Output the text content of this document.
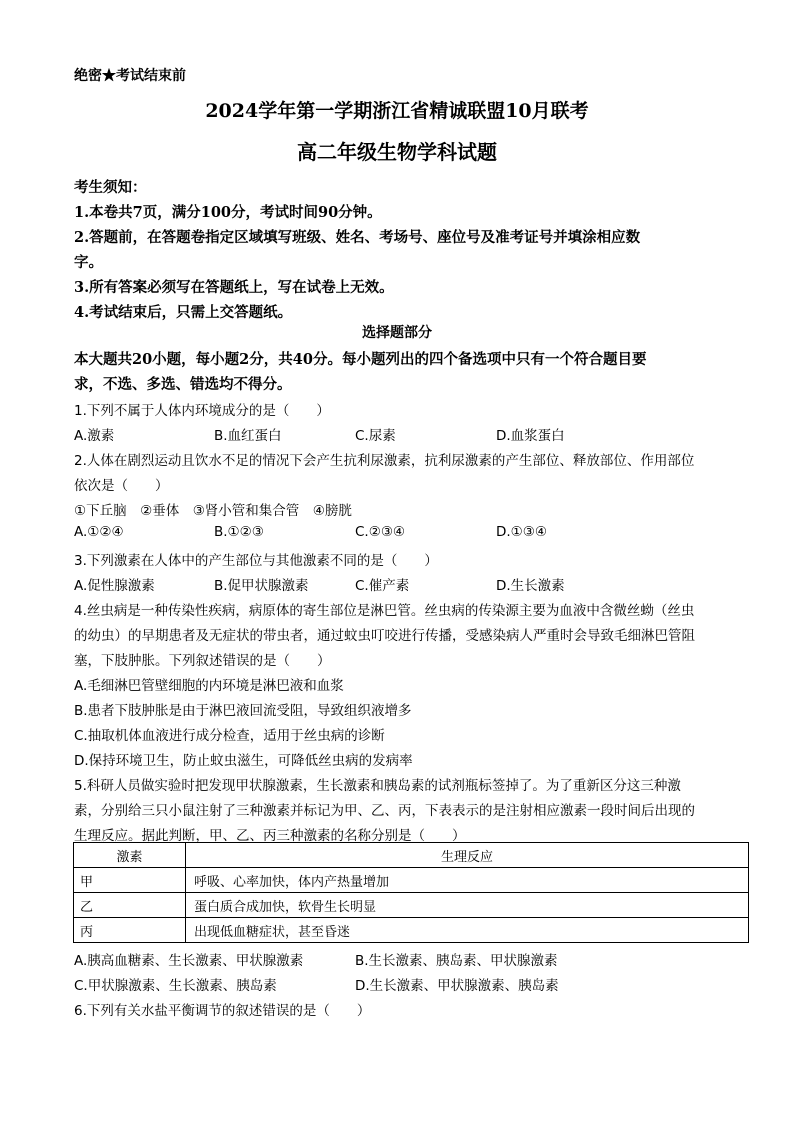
绝密★考试结束前
2024学年第一学期浙江省精诚联盟10月联考
高二年级生物学科试题
考生须知：
1.本卷共7页，满分100分，考试时间90分钟。
2.答题前，在答题卷指定区域填写班级、姓名、考场号、座位号及准考证号并填涂相应数
字。
3.所有答案必须写在答题纸上，写在试卷上无效。
4.考试结束后，只需上交答题纸。
选择题部分
本大题共20小题，每小题2分，共40分。每小题列出的四个备选项中只有一个符合题目要
求，不选、多选、错选均不得分。
1.下列不属于人体内环境成分的是（　　）
A.激素	B.血红蛋白	C.尿素	D.血浆蛋白
2.人体在剧烈运动且饮水不足的情况下会产生抗利尿激素，抗利尿激素的产生部位、释放部位、作用部位
依次是（　　）
①下丘脑　②垂体　③肾小管和集合管　④膀胱
A.①②④	B.①②③	C.②③④	D.①③④
3.下列激素在人体中的产生部位与其他激素不同的是（　　）
A.促性腺激素	B.促甲状腺激素	C.催产素	D.生长激素
4.丝虫病是一种传染性疾病，病原体的寄生部位是淋巴管。丝虫病的传染源主要为血液中含微丝蚴（丝虫
的幼虫）的早期患者及无症状的带虫者，通过蚊虫叮咬进行传播，受感染病人严重时会导致毛细淋巴管阻
塞，下肢肿胀。下列叙述错误的是（　　）
A.毛细淋巴管壁细胞的内环境是淋巴液和血浆
B.患者下肢肿胀是由于淋巴液回流受阻，导致组织液增多
C.抽取机体血液进行成分检查，适用于丝虫病的诊断
D.保持环境卫生，防止蚊虫滋生，可降低丝虫病的发病率
5.科研人员做实验时把发现甲状腺激素，生长激素和胰岛素的试剂瓶标签掉了。为了重新区分这三种激
素，分别给三只小鼠注射了三种激素并标记为甲、乙、丙，下表表示的是注射相应激素一段时间后出现的
生理反应。据此判断，甲、乙、丙三种激素的名称分别是（　　）
激素	生理反应
甲	呼吸、心率加快，体内产热量增加
乙	蛋白质合成加快，软骨生长明显
丙	出现低血糖症状，甚至昏迷
A.胰高血糖素、生长激素、甲状腺激素	B.生长激素、胰岛素、甲状腺激素
C.甲状腺激素、生长激素、胰岛素	D.生长激素、甲状腺激素、胰岛素
6.下列有关水盐平衡调节的叙述错误的是（　　）
